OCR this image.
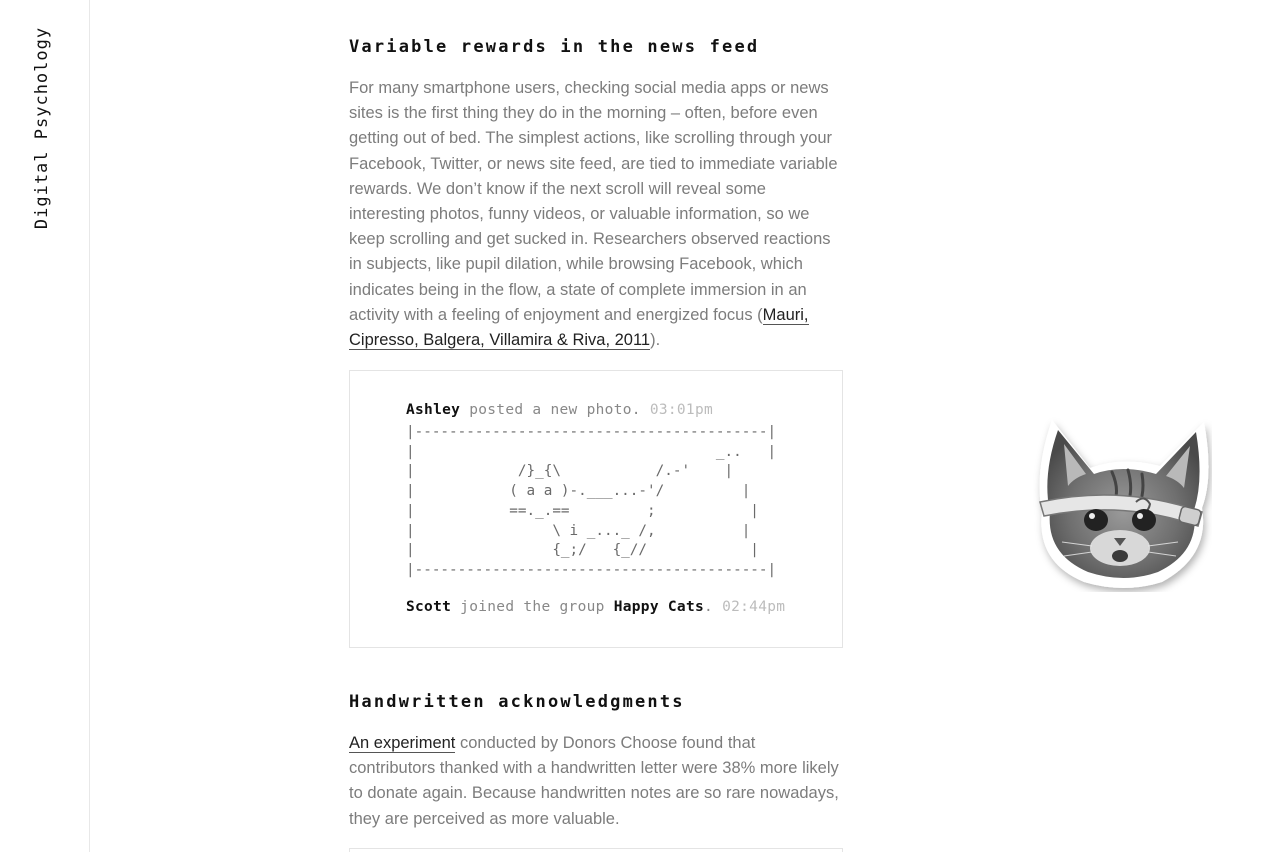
Digital Psychology	Variable rewards in the news feed

For many smartphone users, checking social media apps or news sites is the first thing they do in the morning – often, before even getting out of bed. The simplest actions, like scrolling through your Facebook, Twitter, or news site feed, are tied to immediate variable rewards. We don’t know if the next scroll will reveal some interesting photos, funny videos, or valuable information, so we keep scrolling and get sucked in. Researchers observed reactions in subjects, like pupil dilation, while browsing Facebook, which indicates being in the flow, a state of complete immersion in an activity with a feeling of enjoyment and energized focus (Mauri, Cipresso, Balgera, Villamira & Riva, 2011).

Ashley posted a new photo. 03:01pm
|-----------------------------------------|
|                                   _..   |
|            /}_{\           /.-'    |
|           ( a a )-.___...-'/         |
|           ==._.==         ;           |
|                \ i _..._ /,          |
|                {_;/   {_//            |
|-----------------------------------------|
Scott joined the group Happy Cats. 02:44pm
Handwritten acknowledgments

An experiment conducted by Donors Choose found that contributors thanked with a handwritten letter were 38% more likely to donate again. Because handwritten notes are so rare nowadays, they are perceived as more valuable.
